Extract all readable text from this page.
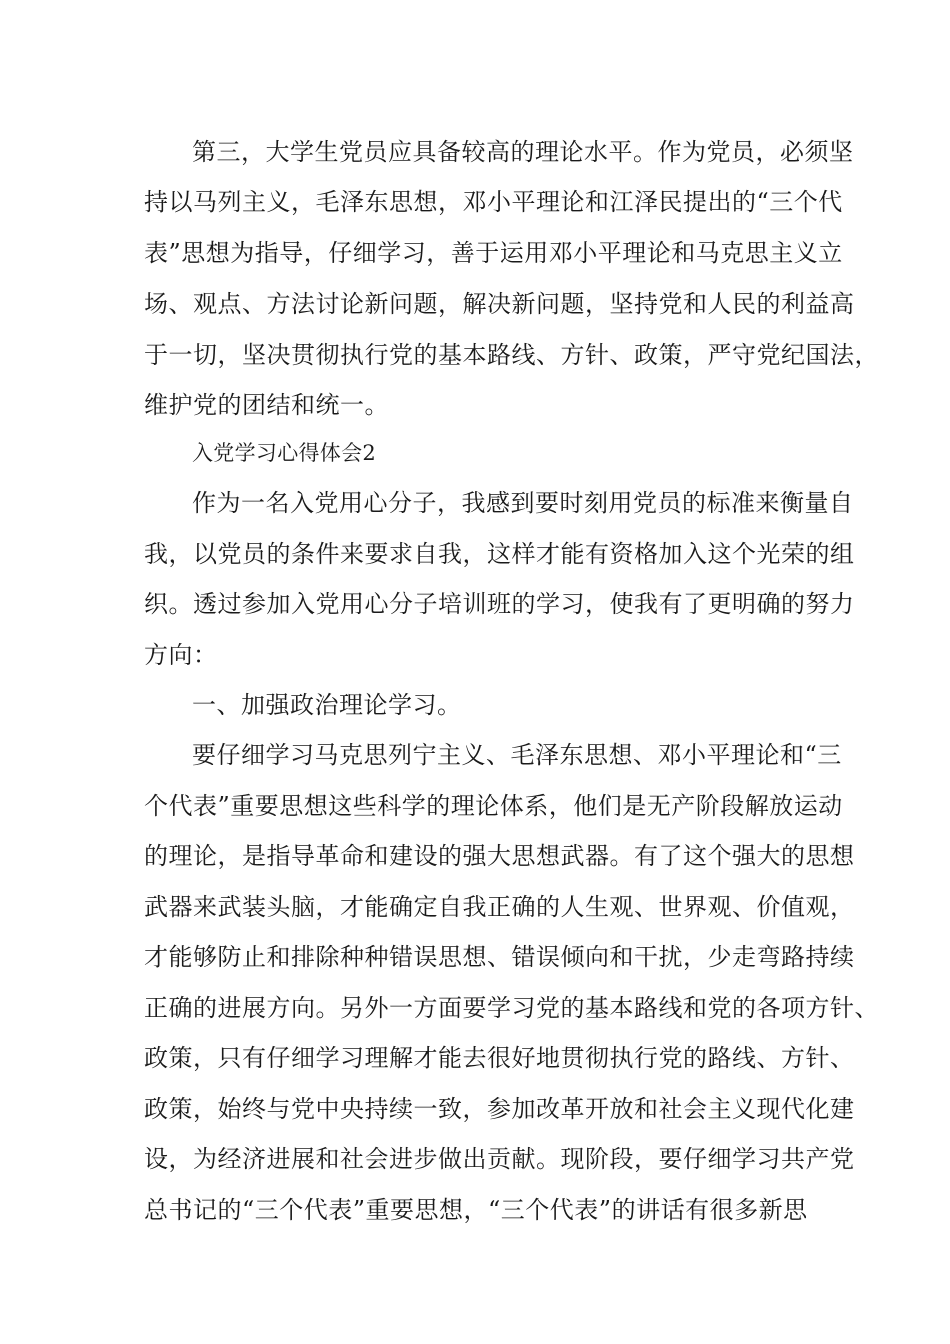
第三，大学生党员应具备较高的理论水平。作为党员，必须坚
持以马列主义，毛泽东思想，邓小平理论和江泽民提出的“三个代
表”思想为指导，仔细学习，善于运用邓小平理论和马克思主义立
场、观点、方法讨论新问题，解决新问题，坚持党和人民的利益高
于一切，坚决贯彻执行党的基本路线、方针、政策，严守党纪国法，
维护党的团结和统一。
入党学习心得体会2
作为一名入党用心分子，我感到要时刻用党员的标准来衡量自
我，以党员的条件来要求自我，这样才能有资格加入这个光荣的组
织。透过参加入党用心分子培训班的学习，使我有了更明确的努力
方向：
一、加强政治理论学习。
要仔细学习马克思列宁主义、毛泽东思想、邓小平理论和“三
个代表”重要思想这些科学的理论体系，他们是无产阶段解放运动
的理论，是指导革命和建设的强大思想武器。有了这个强大的思想
武器来武装头脑，才能确定自我正确的人生观、世界观、价值观，
才能够防止和排除种种错误思想、错误倾向和干扰，少走弯路持续
正确的进展方向。另外一方面要学习党的基本路线和党的各项方针、
政策，只有仔细学习理解才能去很好地贯彻执行党的路线、方针、
政策，始终与党中央持续一致，参加改革开放和社会主义现代化建
设，为经济进展和社会进步做出贡献。现阶段，要仔细学习共产党
总书记的“三个代表”重要思想，“三个代表”的讲话有很多新思
